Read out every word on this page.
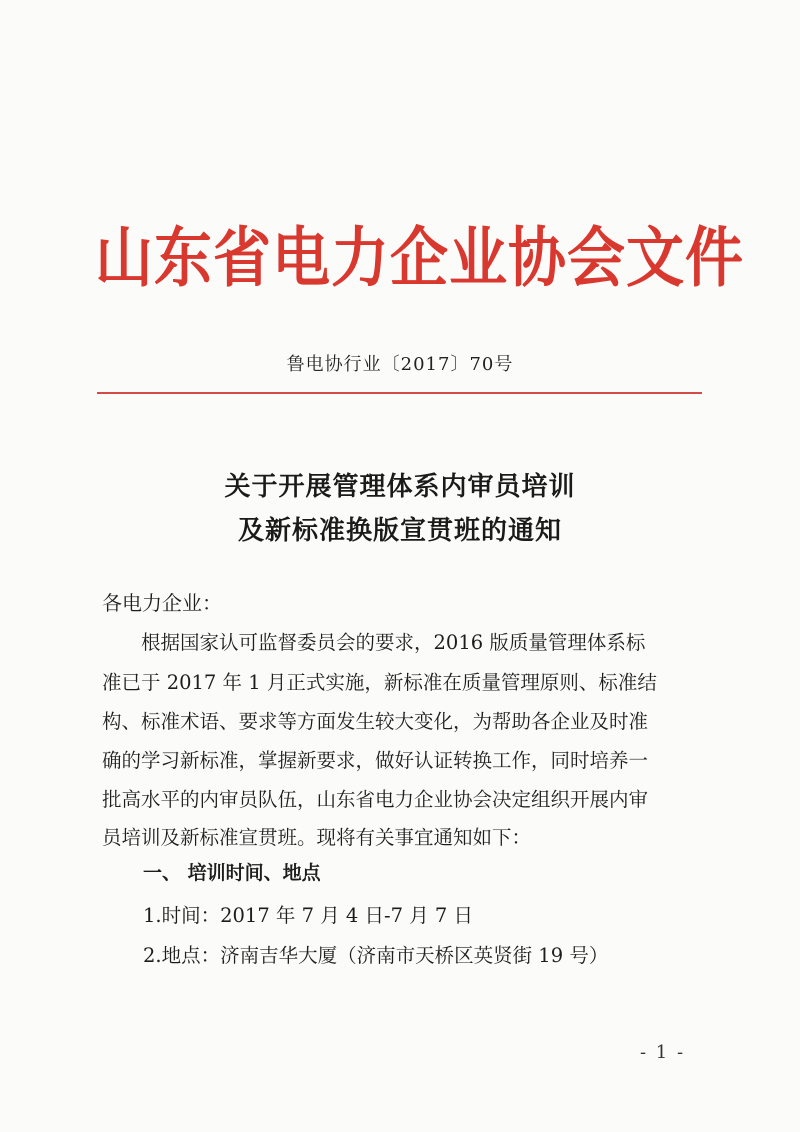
山东省电力企业协会文件
鲁电协行业〔2017〕70号
关于开展管理体系内审员培训
及新标准换版宣贯班的通知
各电力企业：
　　根据国家认可监督委员会的要求，2016 版质量管理体系标
准已于 2017 年 1 月正式实施，新标准在质量管理原则、标准结
构、标准术语、要求等方面发生较大变化，为帮助各企业及时准
确的学习新标准，掌握新要求，做好认证转换工作，同时培养一
批高水平的内审员队伍，山东省电力企业协会决定组织开展内审
员培训及新标准宣贯班。现将有关事宜通知如下：
一、 培训时间、地点
1.时间：2017 年 7 月 4 日-7 月 7 日
2.地点：济南吉华大厦（济南市天桥区英贤街 19 号）
- 1 -
